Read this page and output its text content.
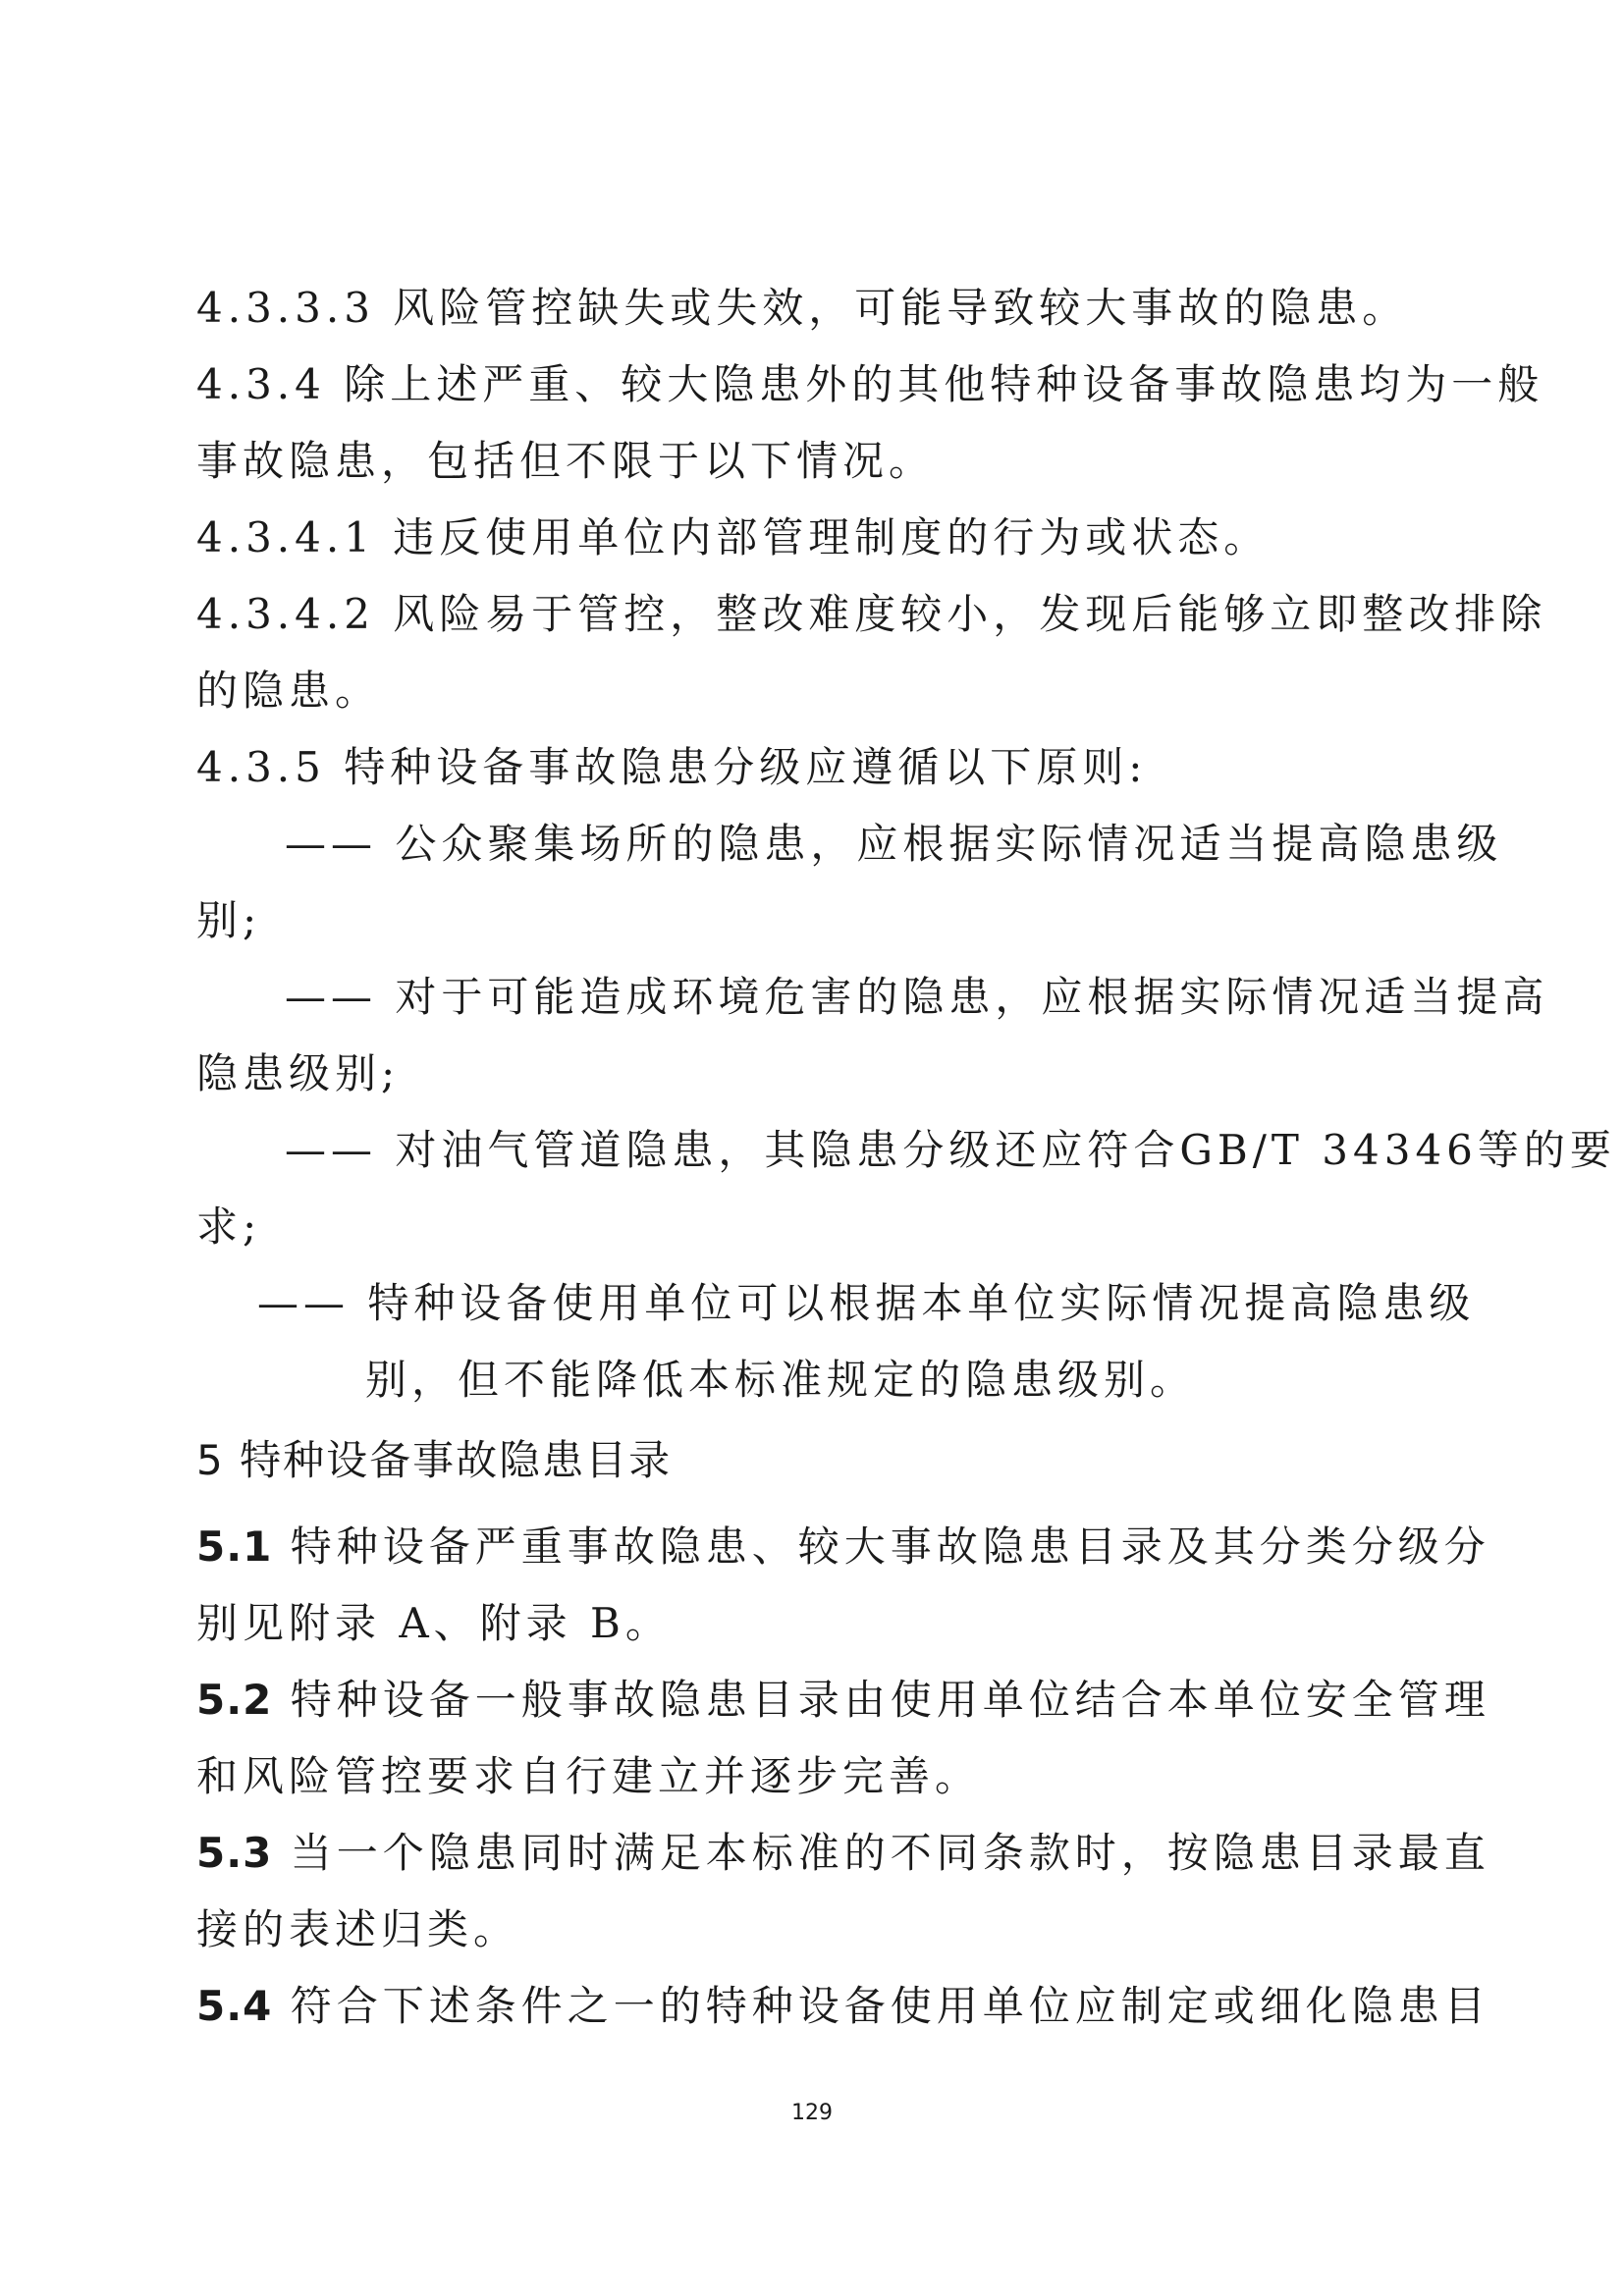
4.3.3.3 风险管控缺失或失效，可能导致较大事故的隐患。
4.3.4 除上述严重、较大隐患外的其他特种设备事故隐患均为一般
事故隐患，包括但不限于以下情况。
4.3.4.1 违反使用单位内部管理制度的行为或状态。
4.3.4.2 风险易于管控，整改难度较小，发现后能够立即整改排除
的隐患。
4.3.5 特种设备事故隐患分级应遵循以下原则:
—— 公众聚集场所的隐患，应根据实际情况适当提高隐患级
别;
—— 对于可能造成环境危害的隐患，应根据实际情况适当提高
隐患级别;
—— 对油气管道隐患，其隐患分级还应符合GB/T 34346等的要
求;
—— 特种设备使用单位可以根据本单位实际情况提高隐患级
别，但不能降低本标准规定的隐患级别。
5 特种设备事故隐患目录
5.1 特种设备严重事故隐患、较大事故隐患目录及其分类分级分
别见附录 A、附录 B。
5.2 特种设备一般事故隐患目录由使用单位结合本单位安全管理
和风险管控要求自行建立并逐步完善。
5.3 当一个隐患同时满足本标准的不同条款时，按隐患目录最直
接的表述归类。
5.4 符合下述条件之一的特种设备使用单位应制定或细化隐患目
129
